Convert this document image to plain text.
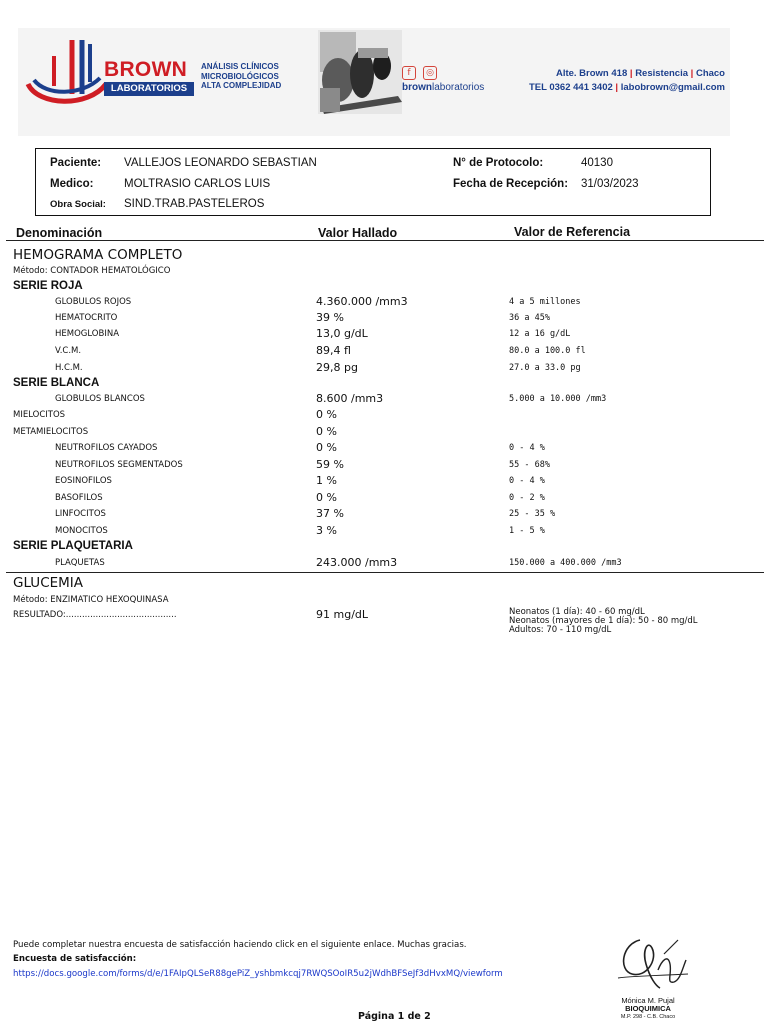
BROWN
LABORATORIOS
ANÁLISIS CLÍNICOS
MICROBIOLÓGICOS
ALTA COMPLEJIDAD
f ◎
brownlaboratorios
Alte. Brown 418 | Resistencia | Chaco
TEL 0362 441 3402 | labobrown@gmail.com
Paciente: VALLEJOS LEONARDO SEBASTIAN
Medico:	MOLTRASIO CARLOS LUIS
Obra Social: SIND.TRAB.PASTELEROS
N° de Protocolo:	40130
Fecha de Recepción: 31/03/2023
Denominación	Valor Hallado	Valor de Referencia
HEMOGRAMA COMPLETO
Método: CONTADOR HEMATOLÓGICO
SERIE ROJA
GLOBULOS ROJOS	4.360.000 /mm3	4 a 5 millones
HEMATOCRITO	39 %	36 a 45%
HEMOGLOBINA	13,0 g/dL	12 a 16 g/dL
V.C.M.	89,4 fl	80.0 a 100.0 fl
H.C.M.	29,8 pg	27.0 a 33.0 pg
SERIE BLANCA
GLOBULOS BLANCOS	8.600 /mm3	5.000 a 10.000 /mm3
MIELOCITOS	0 %
METAMIELOCITOS	0 %
NEUTROFILOS CAYADOS	0 %	0 - 4 %
NEUTROFILOS SEGMENTADOS	59 %	55 - 68%
EOSINOFILOS	1 %	0 - 4 %
BASOFILOS	0 %	0 - 2 %
LINFOCITOS	37 %	25 - 35 %
MONOCITOS	3 %	1 - 5 %
SERIE PLAQUETARIA
PLAQUETAS	243.000 /mm3	150.000 a 400.000 /mm3
GLUCEMIA
Método: ENZIMATICO HEXOQUINASA
RESULTADO:.........................................	91 mg/dL	Neonatos (1 día): 40 - 60 mg/dL
Neonatos (mayores de 1 día): 50 - 80 mg/dL
Adultos: 70 - 110 mg/dL
Puede completar nuestra encuesta de satisfacción haciendo click en el siguiente enlace. Muchas gracias.
Encuesta de satisfacción:
https://docs.google.com/forms/d/e/1FAIpQLSeR88gePiZ_yshbmkcqj7RWQSOoIR5u2jWdhBFSeJf3dHvxMQ/viewform
Mónica M. Pujal
BIOQUIMICA
M.P. 298 - C.B. Chaco
Página 1 de 2
